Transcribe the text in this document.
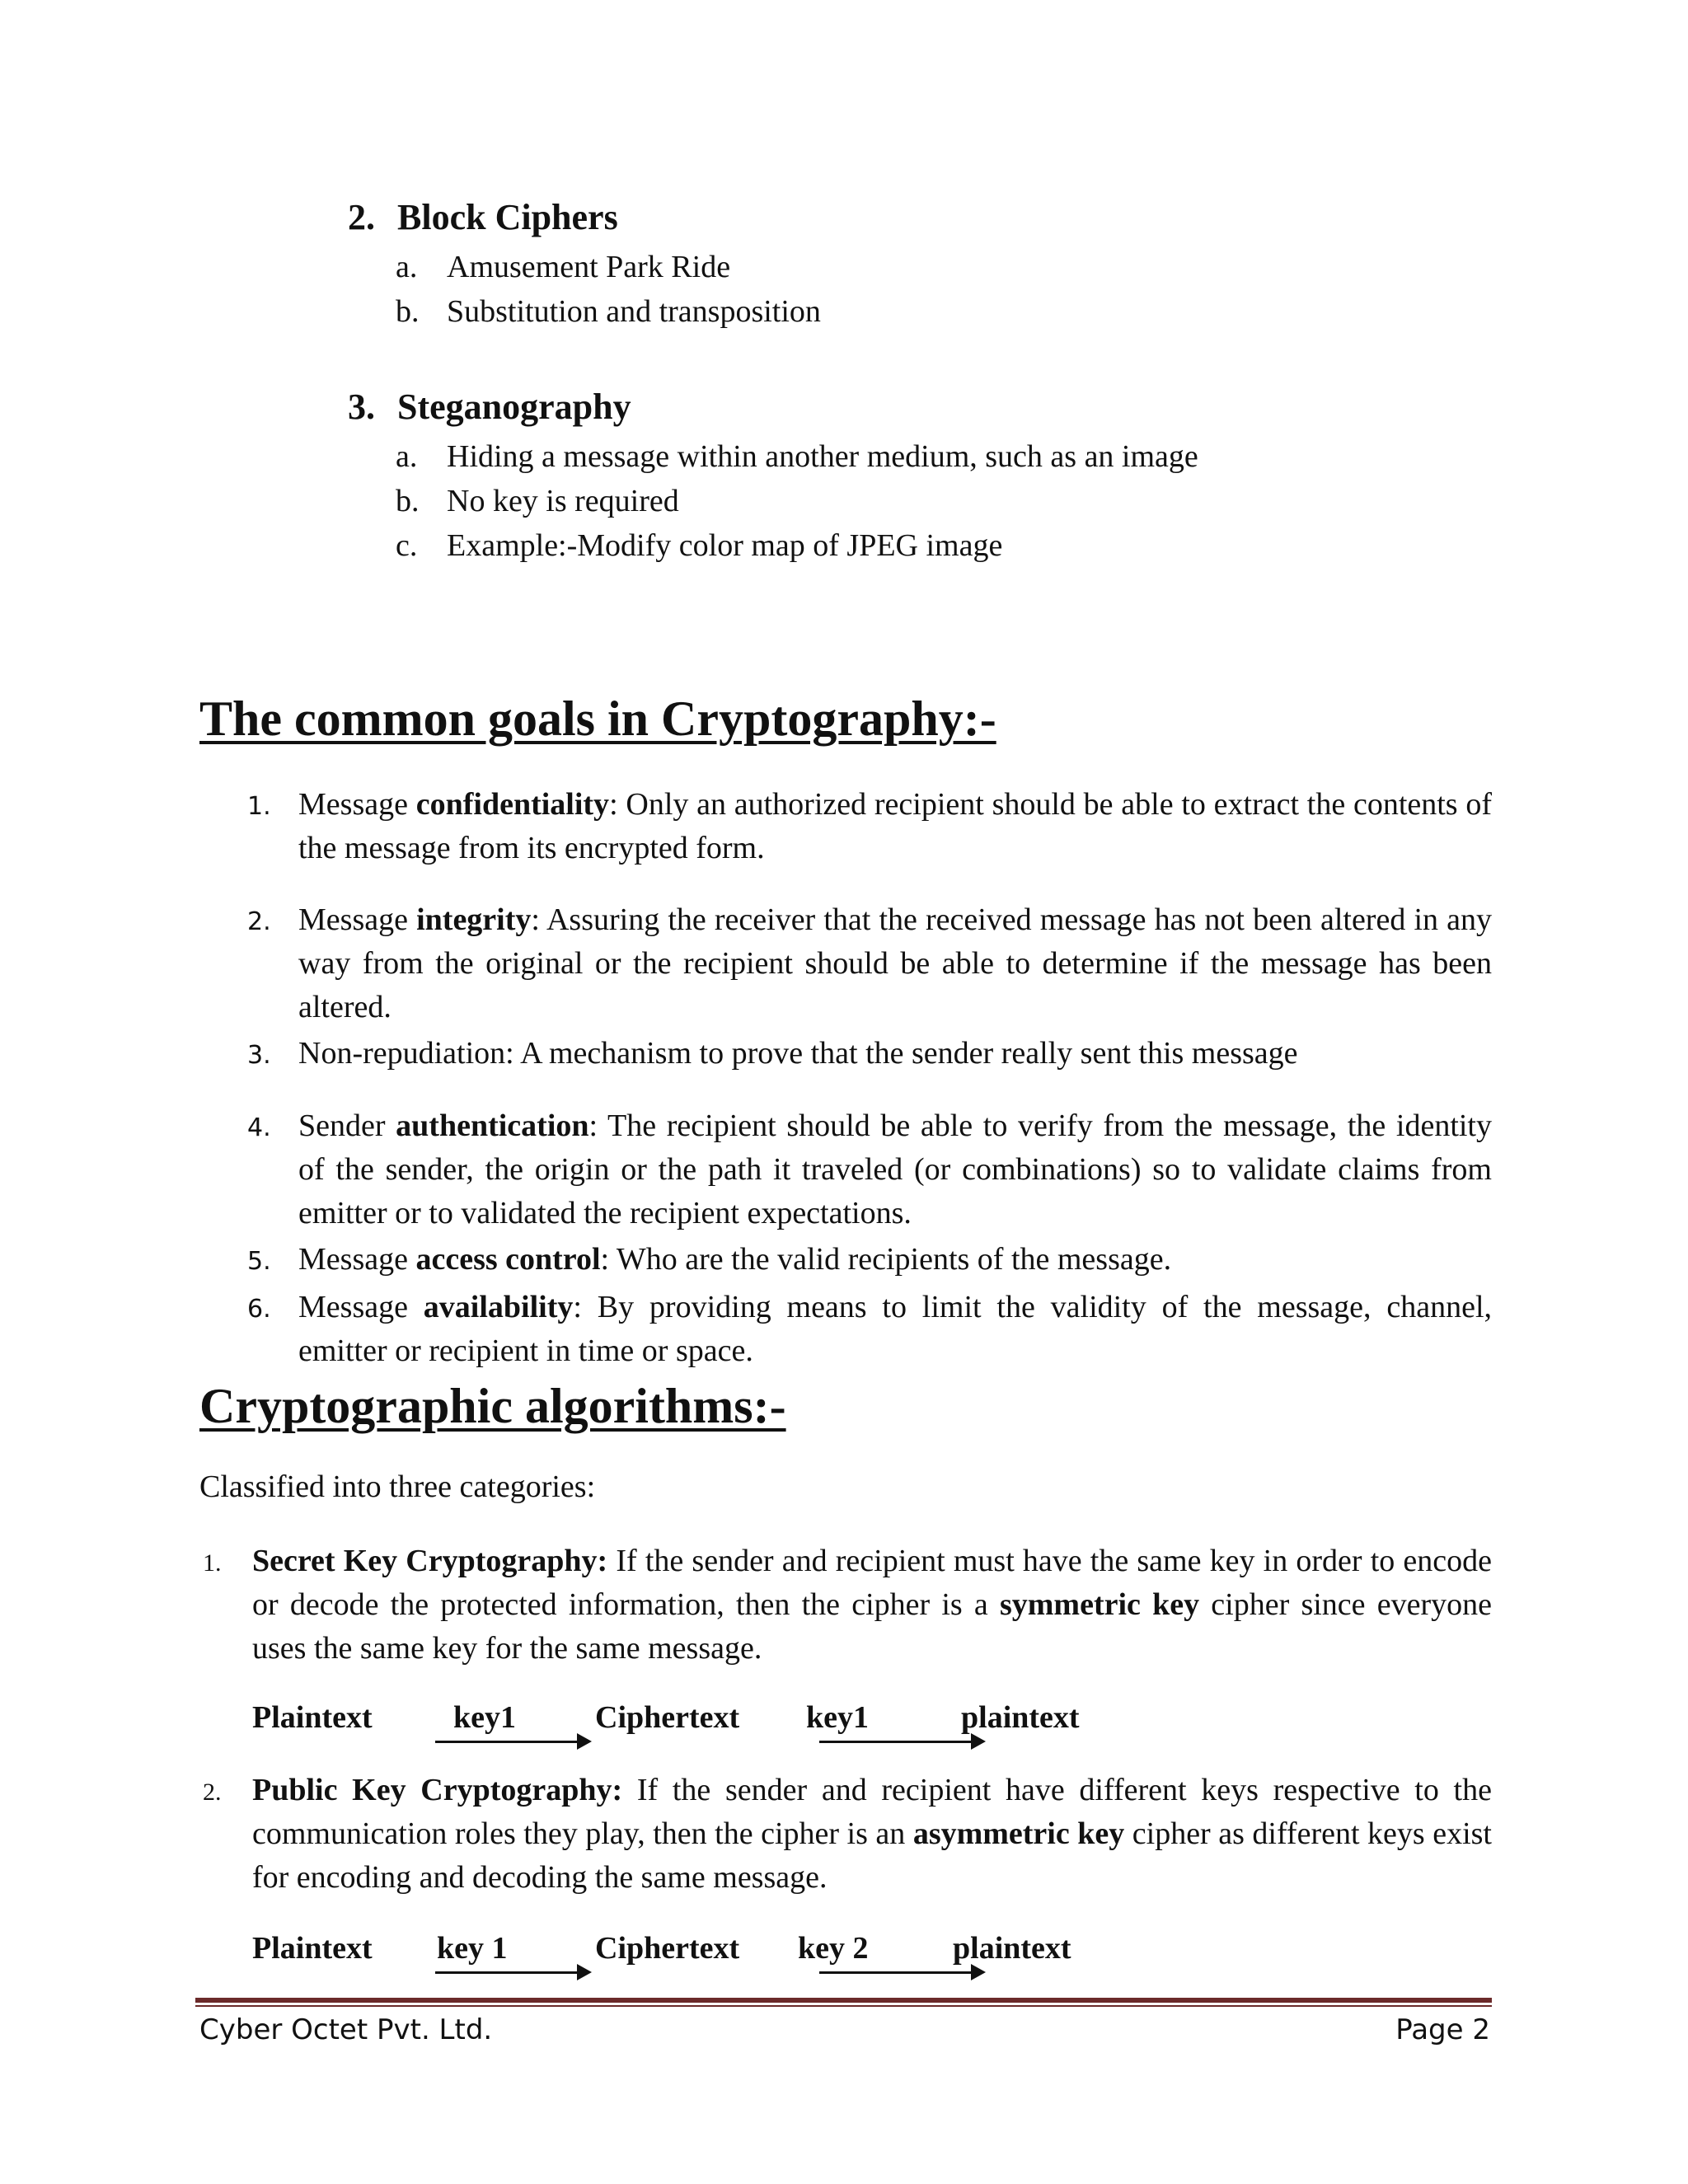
2. Block Ciphers
a. Amusement Park Ride
b. Substitution and transposition
3. Steganography
a. Hiding a message within another medium, such as an image
b. No key is required
c. Example:-Modify color map of JPEG image
The common goals in Cryptography:-
1. Message confidentiality: Only an authorized recipient should be able to extract the contents of the message from its encrypted form.
2. Message integrity: Assuring the receiver that the received message has not been altered in any way from the original or the recipient should be able to determine if the message has been altered.
3. Non-repudiation: A mechanism to prove that the sender really sent this message
4. Sender authentication: The recipient should be able to verify from the message, the identity of the sender, the origin or the path it traveled (or combinations) so to validate claims from emitter or to validated the recipient expectations.
5. Message access control: Who are the valid recipients of the message.
6. Message availability: By providing means to limit the validity of the message, channel, emitter or recipient in time or space.
Cryptographic algorithms:-

Classified into three categories:

1. Secret Key Cryptography: If the sender and recipient must have the same key in order to encode or decode the protected information, then the cipher is a symmetric key cipher since everyone uses the same key for the same message.
Plaintext	key1	Ciphertext key1	plaintext
2. Public Key Cryptography: If the sender and recipient have different keys respective to the communication roles they play, then the cipher is an asymmetric key cipher as different keys exist for encoding and decoding the same message.
Plaintext key 1	Ciphertext key 2	plaintext
Cyber Octet Pvt. Ltd.	Page 2
